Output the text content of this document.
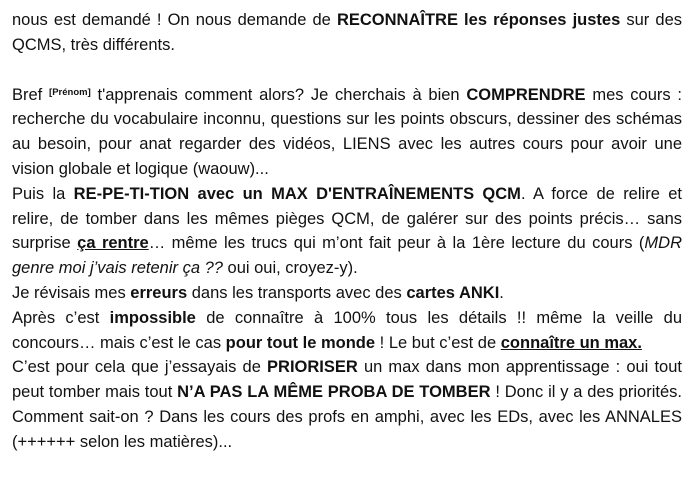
nous est demandé ! On nous demande de RECONNAÎTRE les réponses justes sur des QCMS, très différents.

Bref [Prénom] t'apprenais comment alors? Je cherchais à bien COMPRENDRE mes cours : recherche du vocabulaire inconnu, questions sur les points obscurs, dessiner des schémas au besoin, pour anat regarder des vidéos, LIENS avec les autres cours pour avoir une vision globale et logique (waouw)...

Puis la RE-PE-TI-TION avec un MAX D'ENTRAÎNEMENTS QCM. A force de relire et relire, de tomber dans les mêmes pièges QCM, de galérer sur des points précis… sans surprise ça rentre… même les trucs qui m’ont fait peur à la 1ère lecture du cours (MDR genre moi j’vais retenir ça ?? oui oui, croyez-y).

Je révisais mes erreurs dans les transports avec des cartes ANKI.

Après c’est impossible de connaître à 100% tous les détails !! même la veille du concours… mais c’est le cas pour tout le monde ! Le but c’est de connaître un max.

C’est pour cela que j’essayais de PRIORISER un max dans mon apprentissage : oui tout peut tomber mais tout N’A PAS LA MÊME PROBA DE TOMBER ! Donc il y a des priorités. Comment sait-on ? Dans les cours des profs en amphi, avec les EDs, avec les ANNALES (++++++ selon les matières)...
